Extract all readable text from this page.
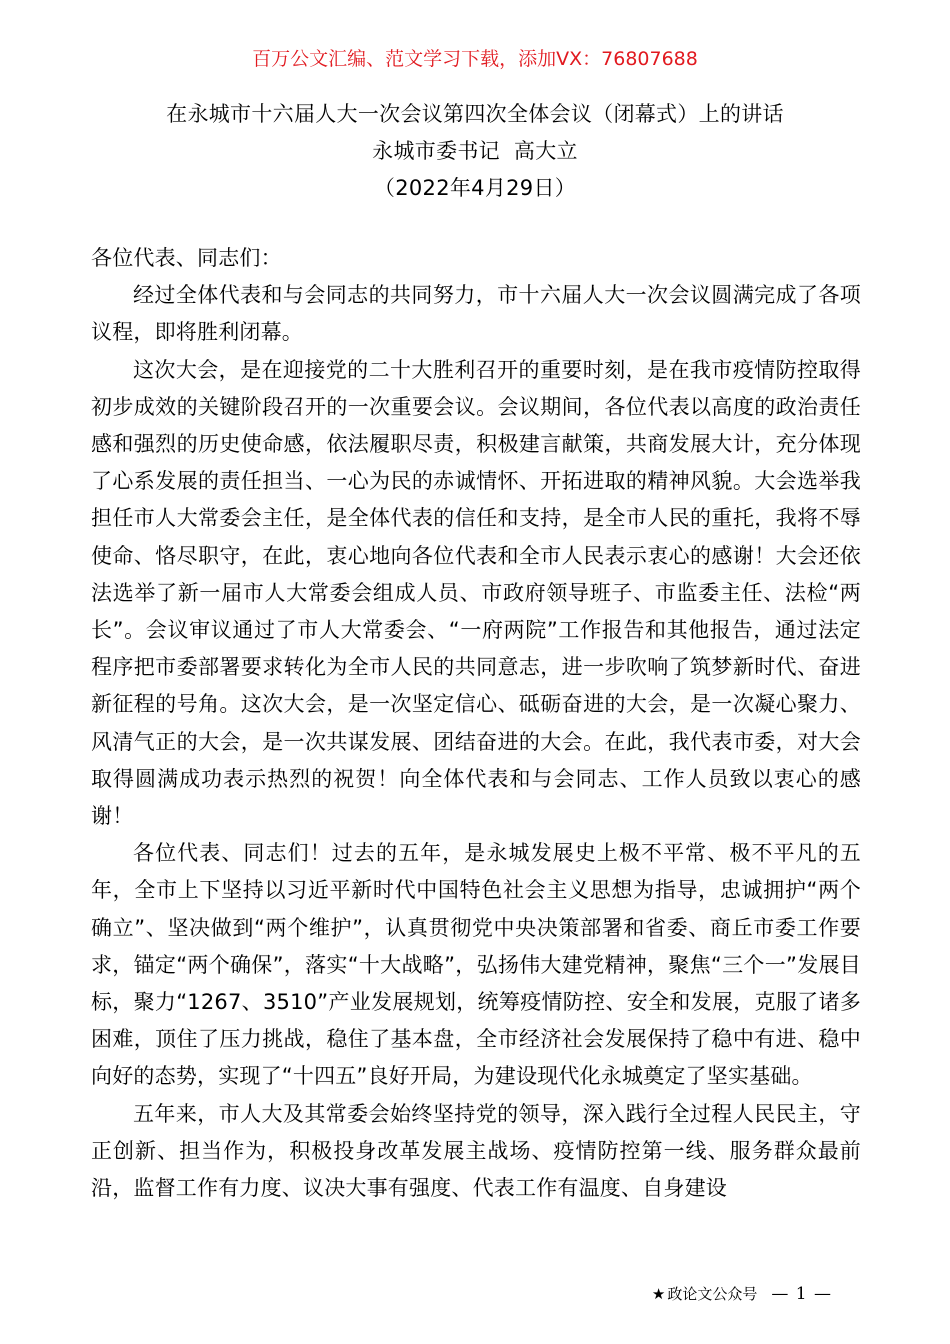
百万公文汇编、范文学习下载，添加VX：76807688
在永城市十六届人大一次会议第四次全体会议（闭幕式）上的讲话
永城市委书记  高大立
（2022年4月29日）

各位代表、同志们：

经过全体代表和与会同志的共同努力，市十六届人大一次会议圆满完成了各项议程，即将胜利闭幕。

这次大会，是在迎接党的二十大胜利召开的重要时刻，是在我市疫情防控取得初步成效的关键阶段召开的一次重要会议。会议期间，各位代表以高度的政治责任感和强烈的历史使命感，依法履职尽责，积极建言献策，共商发展大计，充分体现了心系发展的责任担当、一心为民的赤诚情怀、开拓进取的精神风貌。大会选举我担任市人大常委会主任，是全体代表的信任和支持，是全市人民的重托，我将不辱使命、恪尽职守，在此，衷心地向各位代表和全市人民表示衷心的感谢！大会还依法选举了新一届市人大常委会组成人员、市政府领导班子、市监委主任、法检“两长”。会议审议通过了市人大常委会、“一府两院”工作报告和其他报告，通过法定程序把市委部署要求转化为全市人民的共同意志，进一步吹响了筑梦新时代、奋进新征程的号角。这次大会，是一次坚定信心、砥砺奋进的大会，是一次凝心聚力、风清气正的大会，是一次共谋发展、团结奋进的大会。在此，我代表市委，对大会取得圆满成功表示热烈的祝贺！向全体代表和与会同志、工作人员致以衷心的感谢！

各位代表、同志们！过去的五年，是永城发展史上极不平常、极不平凡的五年，全市上下坚持以习近平新时代中国特色社会主义思想为指导，忠诚拥护“两个确立”、坚决做到“两个维护”，认真贯彻党中央决策部署和省委、商丘市委工作要求，锚定“两个确保”，落实“十大战略”，弘扬伟大建党精神，聚焦“三个一”发展目标，聚力“1267、3510”产业发展规划，统筹疫情防控、安全和发展，克服了诸多困难，顶住了压力挑战，稳住了基本盘，全市经济社会发展保持了稳中有进、稳中向好的态势，实现了“十四五”良好开局，为建设现代化永城奠定了坚实基础。

五年来，市人大及其常委会始终坚持党的领导，深入践行全过程人民民主，守正创新、担当作为，积极投身改革发展主战场、疫情防控第一线、服务群众最前沿，监督工作有力度、议决大事有强度、代表工作有温度、自身建设

★ 政论文公众号 — 1 —
